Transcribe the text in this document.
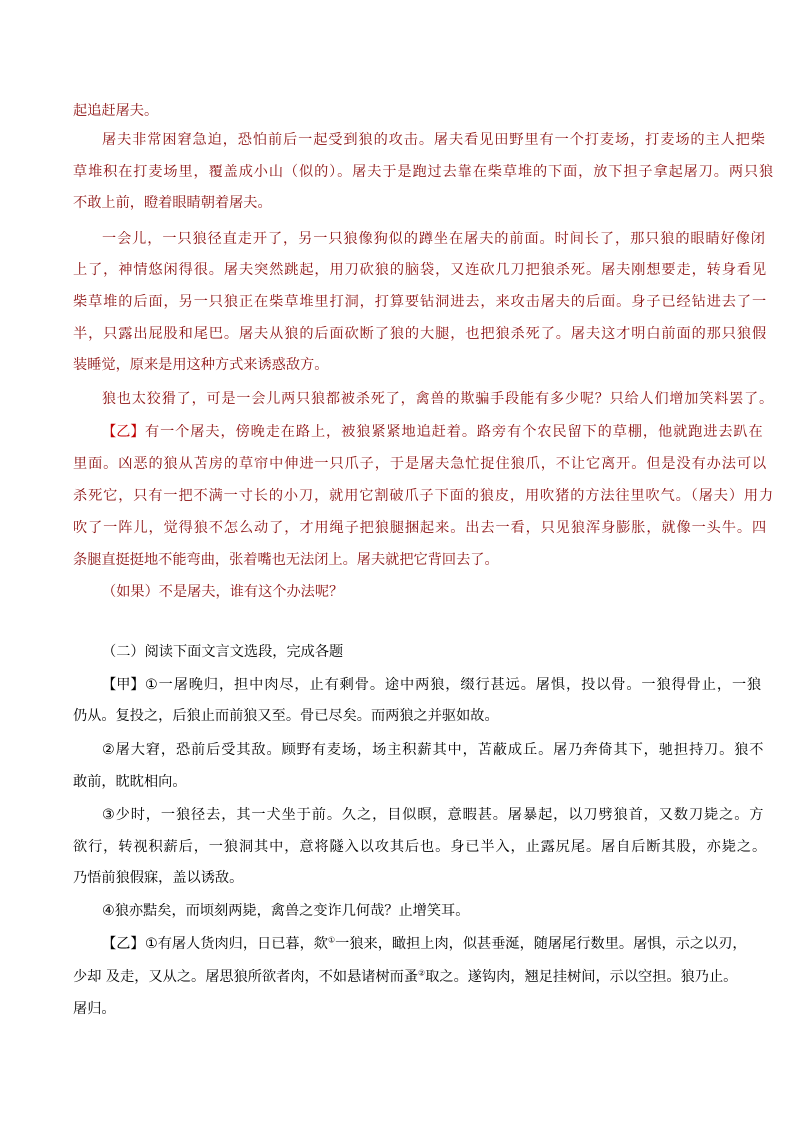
起追赶屠夫。
屠夫非常困窘急迫，恐怕前后一起受到狼的攻击。屠夫看见田野里有一个打麦场，打麦场的主人把柴
草堆积在打麦场里，覆盖成小山（似的）。屠夫于是跑过去靠在柴草堆的下面，放下担子拿起屠刀。两只狼
不敢上前，瞪着眼睛朝着屠夫。
一会儿，一只狼径直走开了，另一只狼像狗似的蹲坐在屠夫的前面。时间长了，那只狼的眼睛好像闭
上了，神情悠闲得很。屠夫突然跳起，用刀砍狼的脑袋，又连砍几刀把狼杀死。屠夫刚想要走，转身看见
柴草堆的后面，另一只狼正在柴草堆里打洞，打算要钻洞进去，来攻击屠夫的后面。身子已经钻进去了一
半，只露出屁股和尾巴。屠夫从狼的后面砍断了狼的大腿，也把狼杀死了。屠夫这才明白前面的那只狼假
装睡觉，原来是用这种方式来诱惑敌方。
狼也太狡猾了，可是一会儿两只狼都被杀死了，禽兽的欺骗手段能有多少呢？只给人们增加笑料罢了。
【乙】 有一个屠夫，傍晚走在路上，被狼紧紧地追赶着。路旁有个农民留下的草棚，他就跑进去趴在
里面。凶恶的狼从苫房的草帘中伸进一只爪子，于是屠夫急忙捉住狼爪，不让它离开。但是没有办法可以
杀死它，只有一把不满一寸长的小刀，就用它割破爪子下面的狼皮，用吹猪的方法往里吹气。（屠夫）用力
吹了一阵儿，觉得狼不怎么动了，才用绳子把狼腿捆起来。出去一看，只见狼浑身膨胀，就像一头牛。四
条腿直挺挺地不能弯曲，张着嘴也无法闭上。屠夫就把它背回去了。
（如果）不是屠夫，谁有这个办法呢？
（二）阅读下面文言文选段，完成各题
【甲】 ①一屠晚归，担中肉尽，止有剩骨。途中两狼，缀行甚远。屠惧，投以骨。一狼得骨止，一狼
仍从。复投之，后狼止而前狼又至。骨已尽矣。而两狼之并驱如故。
②屠大窘，恐前后受其敌。顾野有麦场，场主积薪其中，苫蔽成丘。屠乃奔倚其下，驰担持刀。狼不
敢前，眈眈相向。
③少时，一狼径去，其一犬坐于前。久之，目似瞑，意暇甚。屠暴起，以刀劈狼首，又数刀毙之。方
欲行，转视积薪后，一狼洞其中，意将隧入以攻其后也。身已半入，止露尻尾。屠自后断其股，亦毙之。
乃悟前狼假寐，盖以诱敌。
④狼亦黠矣，而顷刻两毙，禽兽之变诈几何哉？止增笑耳。
【乙】 ①有屠人货肉归，日已暮，欻①一狼来，瞰担上肉，似甚垂涎，随屠尾行数里。屠惧，示之以刃，
少却 及走，又从之。屠思狼所欲者肉，不如悬诸树而蚤②取之。遂钩肉，翘足挂树间，示以空担。狼乃止。
屠归。
